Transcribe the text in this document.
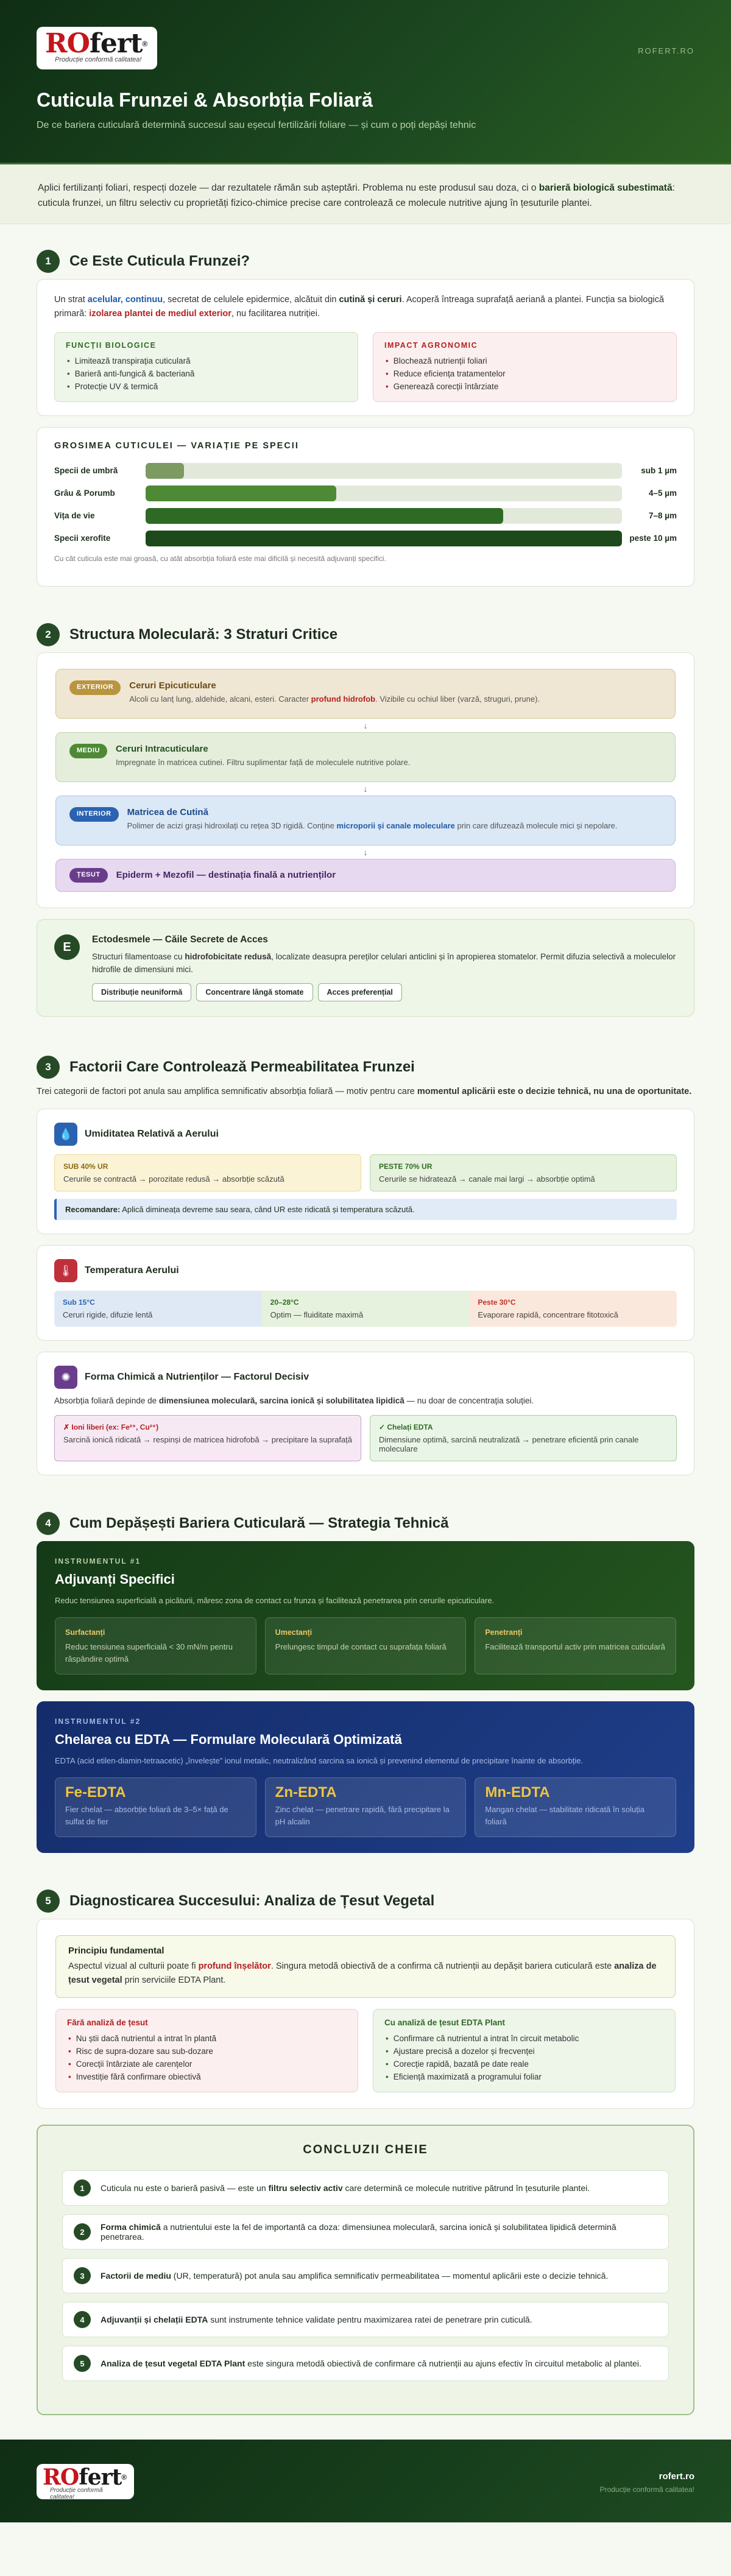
ROfert®
Producție conformă calitatea!
ROFERT.RO
Cuticula Frunzei & Absorbția Foliară
De ce bariera cuticulară determină succesul sau eșecul fertilizării foliare — și cum o poți depăși tehnic
Aplici fertilizanți foliari, respecți dozele — dar rezultatele rămân sub așteptări. Problema nu este produsul sau doza, ci o barieră biologică subestimată: cuticula frunzei, un filtru selectiv cu proprietăți fizico-chimice precise care controlează ce molecule nutritive ajung în țesuturile plantei.
1	Ce Este Cuticula Frunzei?

Un strat acelular, continuu, secretat de celulele epidermice, alcătuit din cutină și ceruri. Acoperă întreaga suprafață aeriană a plantei. Funcția sa biologică primară: izolarea plantei de mediul exterior, nu facilitarea nutriției.

FUNCȚII BIOLOGICE
• Limitează transpirația cuticulară
• Barieră anti-fungică & bacteriană
• Protecție UV & termică
IMPACT AGRONOMIC
• Blochează nutrienții foliari
• Reduce eficiența tratamentelor
• Generează corecții întârziate
GROSIMEA CUTICULEI — VARIAȚIE PE SPECII
Specii de umbră	sub 1 µm
Grâu & Porumb	4–5 µm
Vița de vie	7–8 µm
Specii xerofite	peste 10 µm
Cu cât cuticula este mai groasă, cu atât absorbția foliară este mai dificilă și necesită adjuvanți specifici.
2	Structura Moleculară: 3 Straturi Critice
EXTERIOR	Ceruri Epicuticulare
Alcoli cu lanț lung, aldehide, alcani, esteri. Caracter profund hidrofob. Vizibile cu ochiul liber (varză, struguri, prune).
↓
MEDIU	Ceruri Intracuticulare
Impregnate în matricea cutinei. Filtru suplimentar față de moleculele nutritive polare.
↓
INTERIOR	Matricea de Cutină
Polimer de acizi grași hidroxilați cu rețea 3D rigidă. Conține microporii și canale moleculare prin care difuzează molecule mici și nepolare.
↓
ȚESUT	Epiderm + Mezofil — destinația finală a nutrienților
E
Ectodesmele — Căile Secrete de Acces

Structuri filamentoase cu hidrofobicitate redusă, localizate deasupra pereților celulari anticlini și în apropierea stomatelor. Permit difuzia selectivă a moleculelor hidrofile de dimensiuni mici.

Distribuție neuniformă	Concentrare lângă stomate	Acces preferențial
3	Factorii Care Controlează Permeabilitatea Frunzei

Trei categorii de factori pot anula sau amplifica semnificativ absorbția foliară — motiv pentru care momentul aplicării este o decizie tehnică, nu una de oportunitate.

💧	Umiditatea Relativă a Aerului
SUB 40% UR
Cerurile se contractă → porozitate redusă → absorbție scăzută
PESTE 70% UR
Cerurile se hidratează → canale mai largi → absorbție optimă
Recomandare: Aplică dimineața devreme sau seara, când UR este ridicată și temperatura scăzută.
🌡	Temperatura Aerului
Sub 15°C
Ceruri rigide, difuzie lentă
20–28°C
Optim — fluiditate maximă
Peste 30°C
Evaporare rapidă, concentrare fitotoxică
✺	Forma Chimică a Nutrienților — Factorul Decisiv

Absorbția foliară depinde de dimensiunea moleculară, sarcina ionică și solubilitatea lipidică — nu doar de concentrația soluției.

✗ Ioni liberi (ex: Fe²⁺, Cu²⁺)
Sarcină ionică ridicată → respinși de matricea hidrofobă → precipitare la suprafață
✓ Chelați EDTA
Dimensiune optimă, sarcină neutralizată → penetrare eficientă prin canale moleculare
4	Cum Depășești Bariera Cuticulară — Strategia Tehnică
INSTRUMENTUL #1
Adjuvanți Specifici
Reduc tensiunea superficială a picăturii, măresc zona de contact cu frunza și facilitează penetrarea prin cerurile epicuticulare.
Surfactanți
Reduc tensiunea superficială < 30 mN/m pentru răspândire optimă
Umectanți
Prelungesc timpul de contact cu suprafața foliară
Penetranți
Facilitează transportul activ prin matricea cuticulară
INSTRUMENTUL #2
Chelarea cu EDTA — Formulare Moleculară Optimizată
EDTA (acid etilen-diamin-tetraacetic) „învelește" ionul metalic, neutralizând sarcina sa ionică și prevenind elementul de precipitare înainte de absorbție.
Fe-EDTA
Fier chelat — absorbție foliară de 3–5× față de sulfat de fier
Zn-EDTA
Zinc chelat — penetrare rapidă, fără precipitare la pH alcalin
Mn-EDTA
Mangan chelat — stabilitate ridicată în soluția foliară
5	Diagnosticarea Succesului: Analiza de Țesut Vegetal
Principiu fundamental

Aspectul vizual al culturii poate fi profund înșelător. Singura metodă obiectivă de a confirma că nutrienții au depășit bariera cuticulară este analiza de țesut vegetal prin serviciile EDTA Plant.

Fără analiză de țesut
• Nu știi dacă nutrientul a intrat în plantă
• Risc de supra-dozare sau sub-dozare
• Corecții întârziate ale carențelor
• Investiție fără confirmare obiectivă
Cu analiză de țesut EDTA Plant
• Confirmare că nutrientul a intrat în circuit metabolic
• Ajustare precisă a dozelor și frecvenței
• Corecție rapidă, bazată pe date reale
• Eficiență maximizată a programului foliar
CONCLUZII CHEIE
1	Cuticula nu este o barieră pasivă — este un filtru selectiv activ care determină ce molecule nutritive pătrund în țesuturile plantei.
2	Forma chimică a nutrientului este la fel de importantă ca doza: dimensiunea moleculară, sarcina ionică și solubilitatea lipidică determină penetrarea.
3	Factorii de mediu (UR, temperatură) pot anula sau amplifica semnificativ permeabilitatea — momentul aplicării este o decizie tehnică.
4	Adjuvanții și chelații EDTA sunt instrumente tehnice validate pentru maximizarea ratei de penetrare prin cuticulă.
5	Analiza de țesut vegetal EDTA Plant este singura metodă obiectivă de confirmare că nutrienții au ajuns efectiv în circuitul metabolic al plantei.
ROfert®
Producție conformă calitatea!
rofert.ro
Producție conformă calitatea!
